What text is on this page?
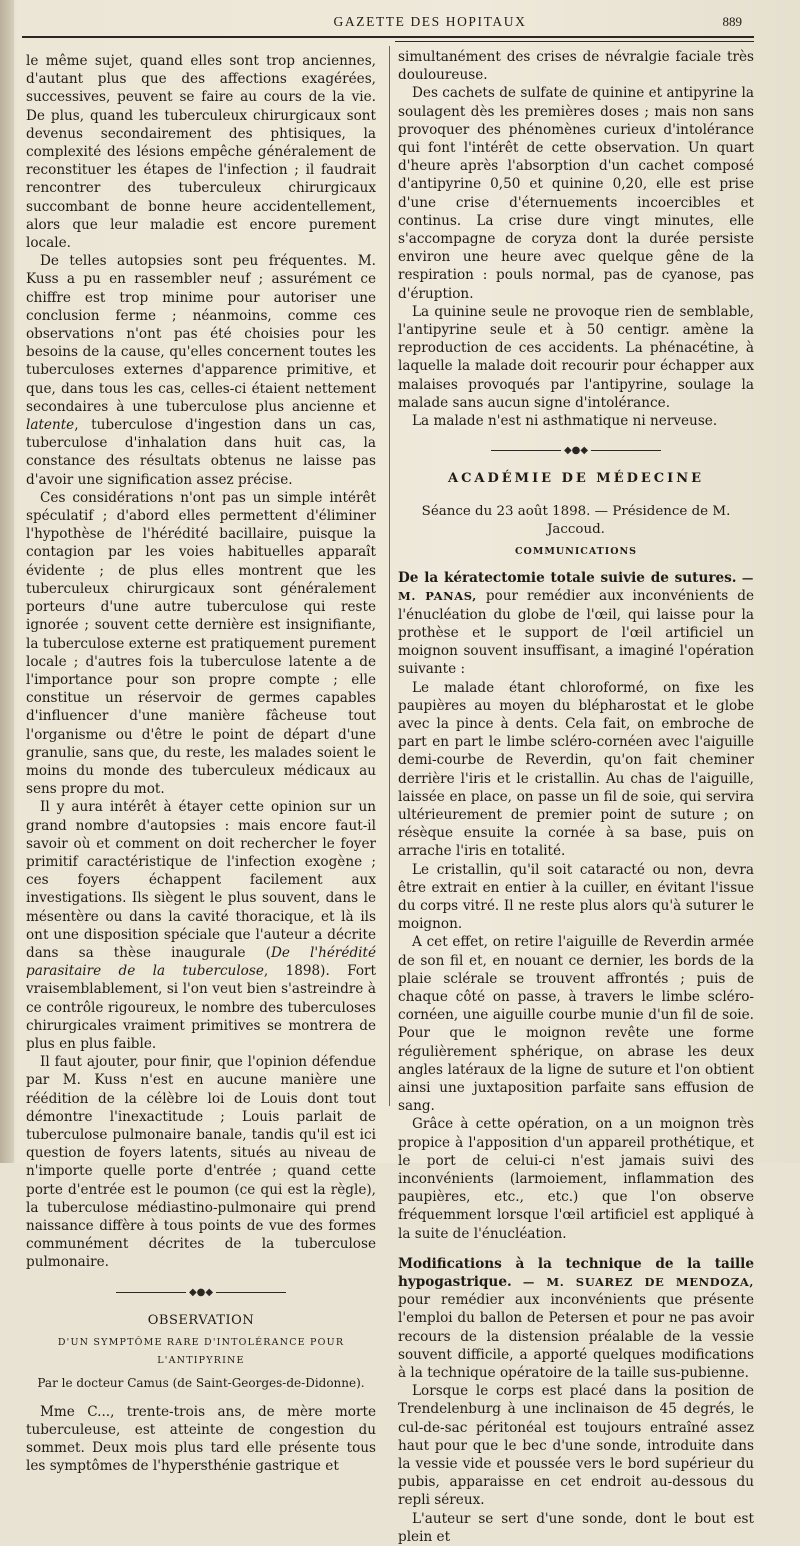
GAZETTE DES HOPITAUX	889

le même sujet, quand elles sont trop anciennes, d'autant plus que des affections exagérées, successives, peuvent se faire au cours de la vie. De plus, quand les tuberculeux chirurgicaux sont devenus secondairement des phtisiques, la complexité des lésions empêche généralement de reconstituer les étapes de l'infection ; il faudrait rencontrer des tuberculeux chirurgicaux succombant de bonne heure accidentellement, alors que leur maladie est encore purement locale.

De telles autopsies sont peu fréquentes. M. Kuss a pu en rassembler neuf ; assurément ce chiffre est trop minime pour autoriser une conclusion ferme ; néanmoins, comme ces observations n'ont pas été choisies pour les besoins de la cause, qu'elles concernent toutes les tuberculoses externes d'apparence primitive, et que, dans tous les cas, celles-ci étaient nettement secondaires à une tuberculose plus ancienne et latente, tuberculose d'ingestion dans un cas, tuberculose d'inhalation dans huit cas, la constance des résultats obtenus ne laisse pas d'avoir une signification assez précise.

Ces considérations n'ont pas un simple intérêt spéculatif ; d'abord elles permettent d'éliminer l'hypothèse de l'hérédité bacillaire, puisque la contagion par les voies habituelles apparaît évidente ; de plus elles montrent que les tuberculeux chirurgicaux sont généralement porteurs d'une autre tuberculose qui reste ignorée ; souvent cette dernière est insignifiante, la tuberculose externe est pratiquement purement locale ; d'autres fois la tuberculose latente a de l'importance pour son propre compte ; elle constitue un réservoir de germes capables d'influencer d'une manière fâcheuse tout l'organisme ou d'être le point de départ d'une granulie, sans que, du reste, les malades soient le moins du monde des tuberculeux médicaux au sens propre du mot.

Il y aura intérêt à étayer cette opinion sur un grand nombre d'autopsies : mais encore faut-il savoir où et comment on doit rechercher le foyer primitif caractéristique de l'infection exogène ; ces foyers échappent facilement aux investigations. Ils siègent le plus souvent, dans le mésentère ou dans la cavité thoracique, et là ils ont une disposition spéciale que l'auteur a décrite dans sa thèse inaugurale (De l'hérédité parasitaire de la tuberculose, 1898). Fort vraisemblablement, si l'on veut bien s'astreindre à ce contrôle rigoureux, le nombre des tuberculoses chirurgicales vraiment primitives se montrera de plus en plus faible.

Il faut ajouter, pour finir, que l'opinion défendue par M. Kuss n'est en aucune manière une réédition de la célèbre loi de Louis dont tout démontre l'inexactitude ; Louis parlait de tuberculose pulmonaire banale, tandis qu'il est ici question de foyers latents, situés au niveau de n'importe quelle porte d'entrée ; quand cette porte d'entrée est le poumon (ce qui est la règle), la tuberculose médiastino-pulmonaire qui prend naissance diffère à tous points de vue des formes communément décrites de la tuberculose pulmonaire.

◆●◆
OBSERVATION
D'UN SYMPTÔME RARE D'INTOLÉRANCE POUR L'ANTIPYRINE
Par le docteur Camus (de Saint-Georges-de-Didonne).

Mme C..., trente-trois ans, de mère morte tuberculeuse, est atteinte de congestion du sommet. Deux mois plus tard elle présente tous les symptômes de l'hypersthénie gastrique et

simultanément des crises de névralgie faciale très douloureuse.

Des cachets de sulfate de quinine et antipyrine la soulagent dès les premières doses ; mais non sans provoquer des phénomènes curieux d'intolérance qui font l'intérêt de cette observation. Un quart d'heure après l'absorption d'un cachet composé d'antipyrine 0,50 et quinine 0,20, elle est prise d'une crise d'éternuements incoercibles et continus. La crise dure vingt minutes, elle s'accompagne de coryza dont la durée persiste environ une heure avec quelque gêne de la respiration : pouls normal, pas de cyanose, pas d'éruption.

La quinine seule ne provoque rien de semblable, l'antipyrine seule et à 50 centigr. amène la reproduction de ces accidents. La phénacétine, à laquelle la malade doit recourir pour échapper aux malaises provoqués par l'antipyrine, soulage la malade sans aucun signe d'intolérance.

La malade n'est ni asthmatique ni nerveuse.

◆●◆
ACADÉMIE DE MÉDECINE
Séance du 23 août 1898. — Présidence de M. Jaccoud.
COMMUNICATIONS

De la kératectomie totale suivie de sutures. — M. PANAS, pour remédier aux inconvénients de l'énucléation du globe de l'œil, qui laisse pour la prothèse et le support de l'œil artificiel un moignon souvent insuffisant, a imaginé l'opération suivante :

Le malade étant chloroformé, on fixe les paupières au moyen du blépharostat et le globe avec la pince à dents. Cela fait, on embroche de part en part le limbe scléro-cornéen avec l'aiguille demi-courbe de Reverdin, qu'on fait cheminer derrière l'iris et le cristallin. Au chas de l'aiguille, laissée en place, on passe un fil de soie, qui servira ultérieurement de premier point de suture ; on résèque ensuite la cornée à sa base, puis on arrache l'iris en totalité.

Le cristallin, qu'il soit cataracté ou non, devra être extrait en entier à la cuiller, en évitant l'issue du corps vitré. Il ne reste plus alors qu'à suturer le moignon.

A cet effet, on retire l'aiguille de Reverdin armée de son fil et, en nouant ce dernier, les bords de la plaie sclérale se trouvent affrontés ; puis de chaque côté on passe, à travers le limbe scléro-cornéen, une aiguille courbe munie d'un fil de soie. Pour que le moignon revête une forme régulièrement sphérique, on abrase les deux angles latéraux de la ligne de suture et l'on obtient ainsi une juxtaposition parfaite sans effusion de sang.

Grâce à cette opération, on a un moignon très propice à l'apposition d'un appareil prothétique, et le port de celui-ci n'est jamais suivi des inconvénients (larmoiement, inflammation des paupières, etc., etc.) que l'on observe fréquemment lorsque l'œil artificiel est appliqué à la suite de l'énucléation.

Modifications à la technique de la taille hypogastrique. — M. SUAREZ DE MENDOZA, pour remédier aux inconvénients que présente l'emploi du ballon de Petersen et pour ne pas avoir recours de la distension préalable de la vessie souvent difficile, a apporté quelques modifications à la technique opératoire de la taille sus-pubienne.

Lorsque le corps est placé dans la position de Trendelenburg à une inclinaison de 45 degrés, le cul-de-sac péritonéal est toujours entraîné assez haut pour que le bec d'une sonde, introduite dans la vessie vide et poussée vers le bord supérieur du pubis, apparaisse en cet endroit au-dessous du repli séreux.

L'auteur se sert d'une sonde, dont le bout est plein et
